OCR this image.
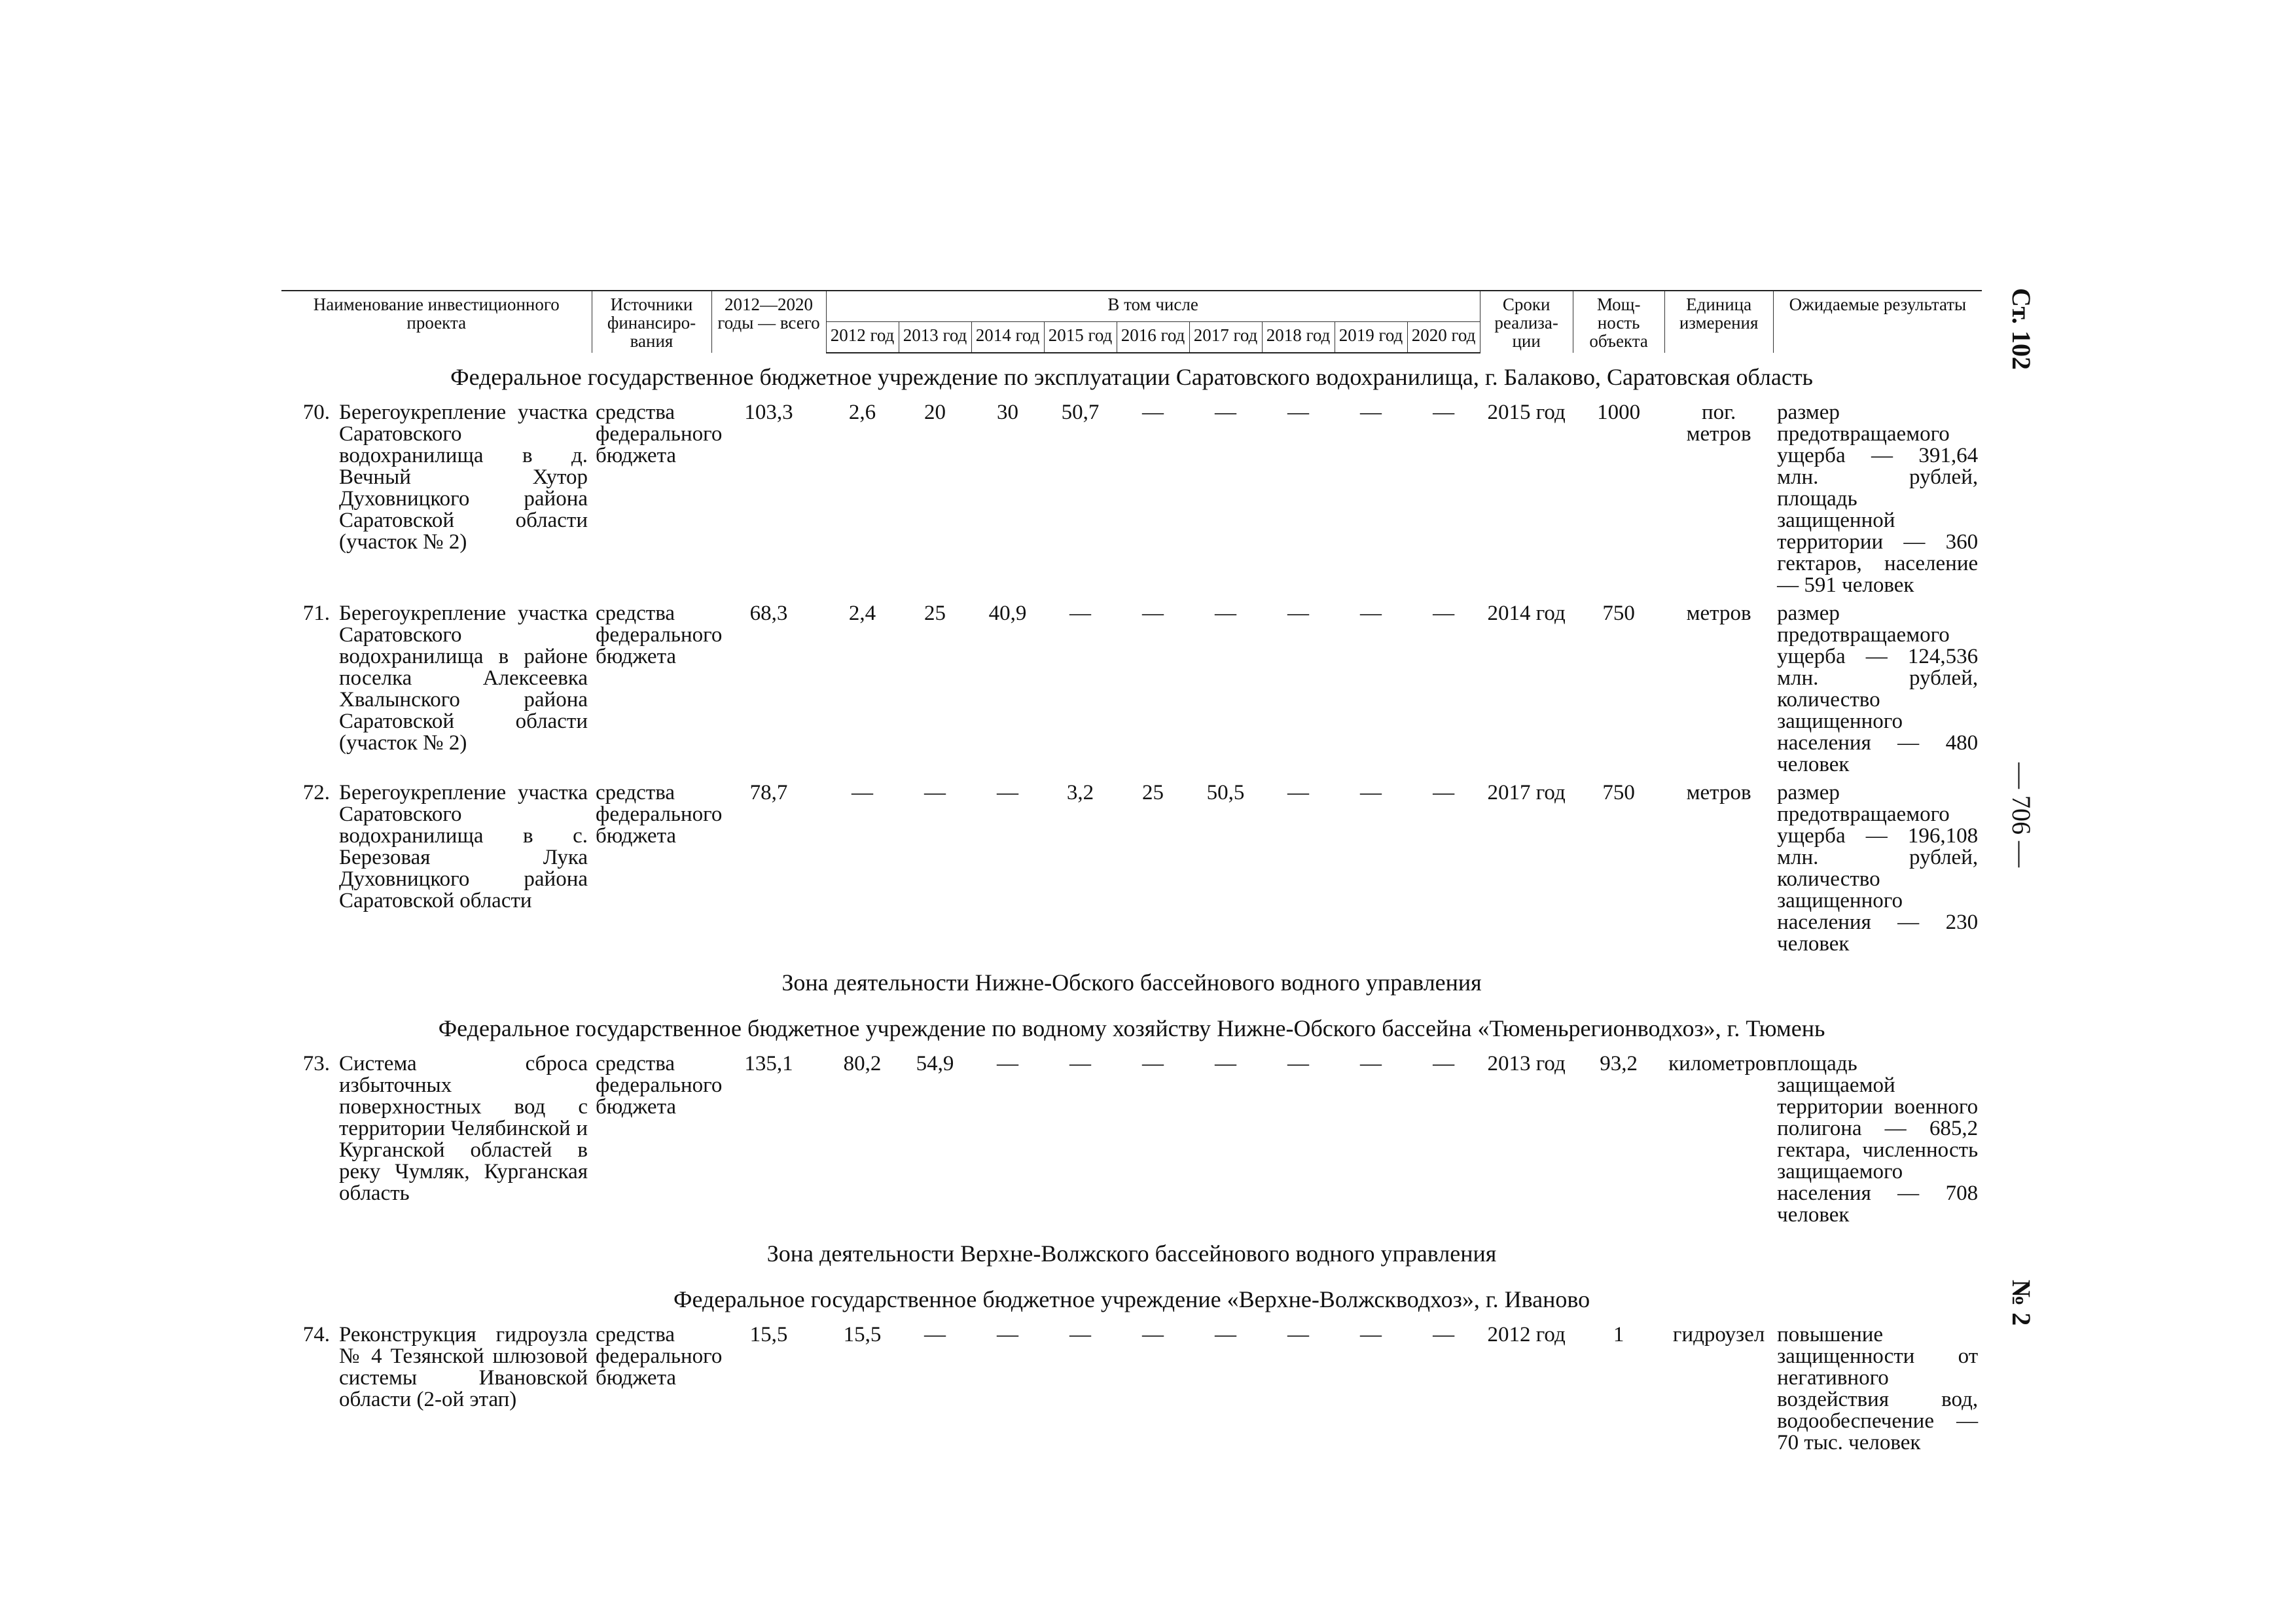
Ст. 102
— 706 —
№ 2
Наименование инвестиционного проекта		Источники финансиро-вания	2012—2020 годы — всего	В том числе									Сроки реализа-ции	Мощ-ность объекта	Единица измерения	Ожидаемые результаты
				2012 год	2013 год	2014 год	2015 год	2016 год	2017 год	2018 год	2019 год	2020 год				
Федеральное государственное бюджетное учреждение по эксплуатации Саратовского водохранилища, г. Балаково, Саратовская область																
70.	Берегоукрепление участка Саратовского водохранилища в д. Вечный Хутор Духовницкого района Саратовской области (участок № 2)	средства федерального бюджета	103,3	2,6	20	30	50,7	—	—	—	—	—	2015 год	1000	пог. метров	размер предотвращаемого ущерба — 391,64 млн. рублей, площадь защищенной территории — 360 гектаров, население — 591 человек
71.	Берегоукрепление участка Саратовского водохранилища в районе поселка Алексеевка Хвалынского района Саратовской области (участок № 2)	средства федерального бюджета	68,3	2,4	25	40,9	—	—	—	—	—	—	2014 год	750	метров	размер предотвращаемого ущерба — 124,536 млн. рублей, количество защищенного населения — 480 человек
72.	Берегоукрепление участка Саратовского водохранилища в с. Березовая Лука Духовницкого района Саратовской области	средства федерального бюджета	78,7	—	—	—	3,2	25	50,5	—	—	—	2017 год	750	метров	размер предотвращаемого ущерба — 196,108 млн. рублей, количество защищенного населения — 230 человек
Зона деятельности Нижне-Обского бассейнового водного управления																
Федеральное государственное бюджетное учреждение по водному хозяйству Нижне-Обского бассейна «Тюменьрегионводхоз», г. Тюмень																
73.	Система сброса избыточных поверхностных вод с территории Челябинской и Курганской областей в реку Чумляк, Курганская область	средства федерального бюджета	135,1	80,2	54,9	—	—	—	—	—	—	—	2013 год	93,2	километров	площадь защищаемой территории военного полигона — 685,2 гектара, численность защищаемого населения — 708 человек
Зона деятельности Верхне-Волжского бассейнового водного управления																
Федеральное государственное бюджетное учреждение «Верхне-Волжскводхоз», г. Иваново																
74.	Реконструкция гидроузла № 4 Тезянской шлюзовой системы Ивановской области (2-ой этап)	средства федерального бюджета	15,5	15,5	—	—	—	—	—	—	—	—	2012 год	1	гидроузел	повышение защищенности от негативного воздействия вод, водообеспечение — 70 тыс. человек
